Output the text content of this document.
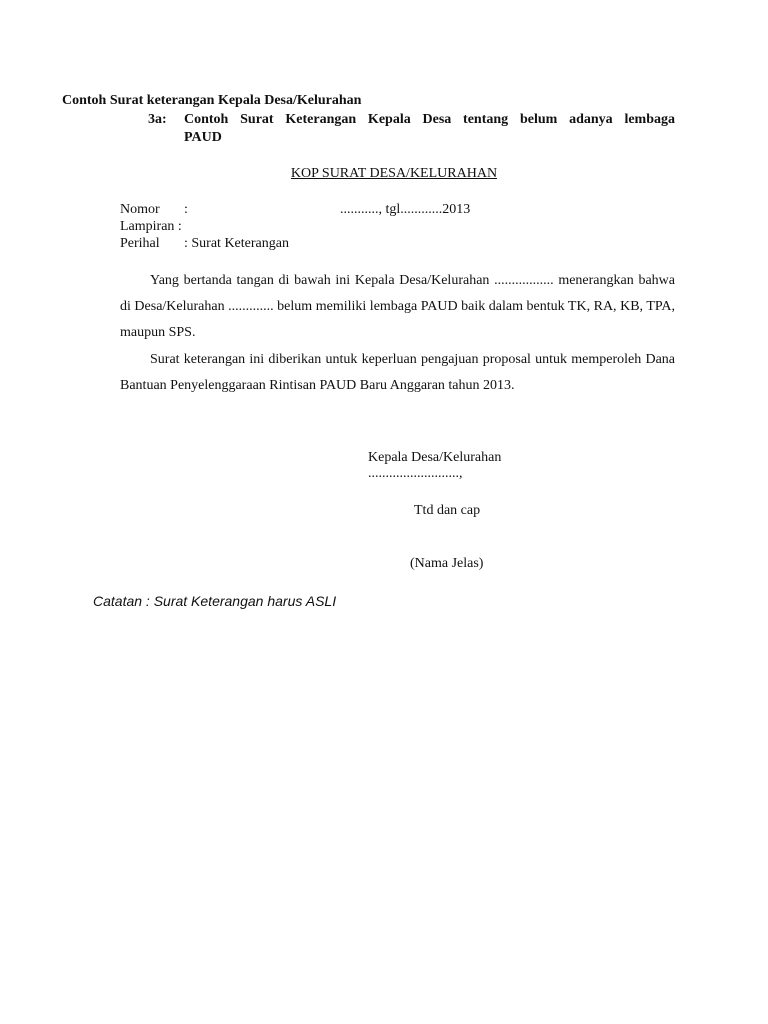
Contoh Surat keterangan Kepala Desa/Kelurahan
3a: Contoh Surat Keterangan Kepala Desa tentang belum adanya lembaga
PAUD
KOP SURAT DESA/KELURAHAN
Nomor :	..........., tgl............2013
Lampiran :
Perihal : Surat Keterangan
Yang bertanda tangan di bawah ini Kepala Desa/Kelurahan ................. menerangkan bahwa di Desa/Kelurahan ............. belum memiliki lembaga PAUD baik dalam bentuk TK, RA, KB, TPA, maupun SPS.
Surat keterangan ini diberikan untuk keperluan pengajuan proposal untuk memperoleh Dana Bantuan Penyelenggaraan Rintisan PAUD Baru Anggaran tahun 2013.
Kepala Desa/Kelurahan
..........................,
Ttd dan cap
(Nama Jelas)
Catatan : Surat Keterangan harus ASLI
